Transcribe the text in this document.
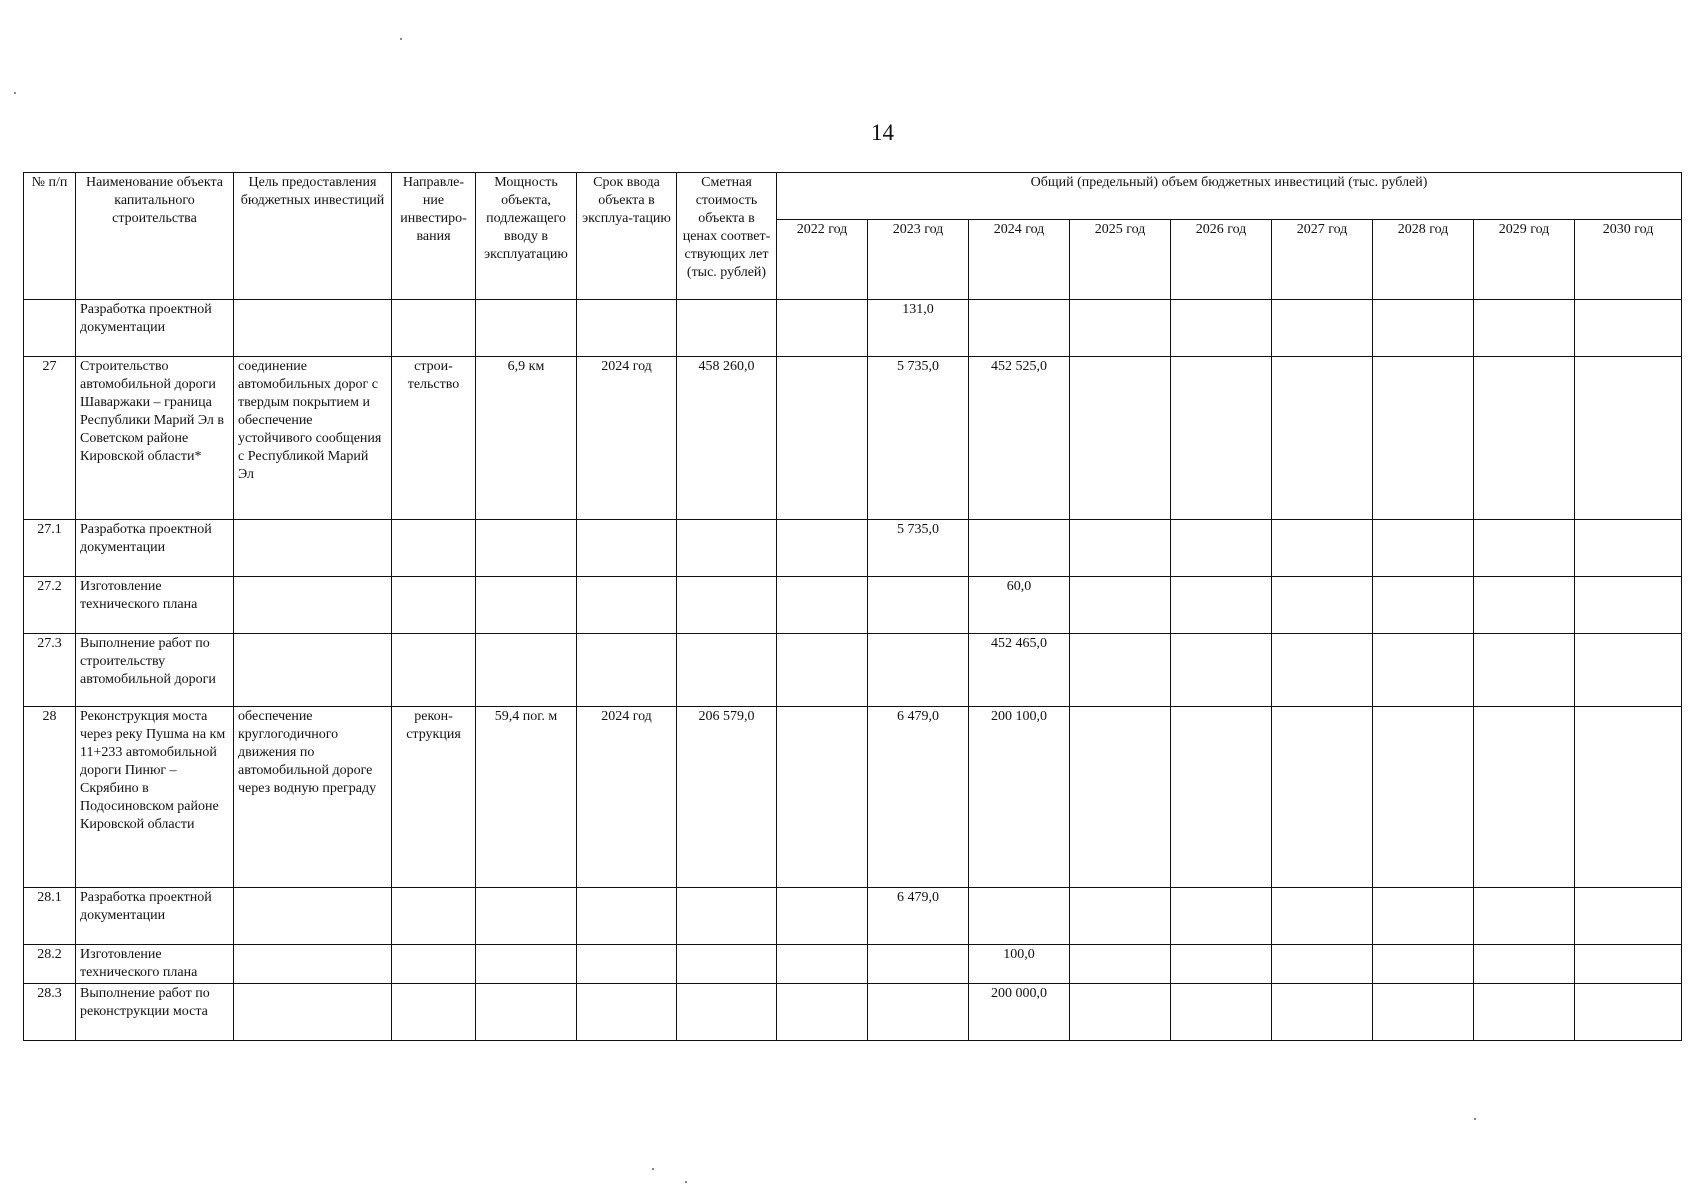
14
№ п/п	Наименование объекта капитального строительства	Цель предоставления бюджетных инвестиций	Направле-ние инвестиро-вания	Мощность объекта, подлежащего вводу в эксплуатацию	Срок ввода объекта в эксплуа-тацию	Сметная стоимость объекта в ценах соответ-ствующих лет (тыс. рублей)	Общий (предельный) объем бюджетных инвестиций (тыс. рублей)								
							2022 год	2023 год	2024 год	2025 год	2026 год	2027 год	2028 год	2029 год	2030 год
	Разработка проектной документации							131,0							
27	Строительство автомобильной дороги Шаваржаки – граница Республики Марий Эл в Советском районе Кировской области*	соединение автомобильных дорог с твердым покрытием и обеспечение устойчивого сообщения с Республикой Марий Эл	строи-тельство	6,9 км	2024 год	458 260,0		5 735,0	452 525,0						
27.1	Разработка проектной документации							5 735,0							
27.2	Изготовление технического плана								60,0						
27.3	Выполнение работ по строительству автомобильной дороги								452 465,0						
28	Реконструкция моста через реку Пушма на км 11+233 автомобильной дороги Пинюг – Скрябино в Подосиновском районе Кировской области	обеспечение круглогодичного движения по автомобильной дороге через водную преграду	рекон-струкция	59,4 пог. м	2024 год	206 579,0		6 479,0	200 100,0						
28.1	Разработка проектной документации							6 479,0							
28.2	Изготовление технического плана								100,0						
28.3	Выполнение работ по реконструкции моста								200 000,0						
